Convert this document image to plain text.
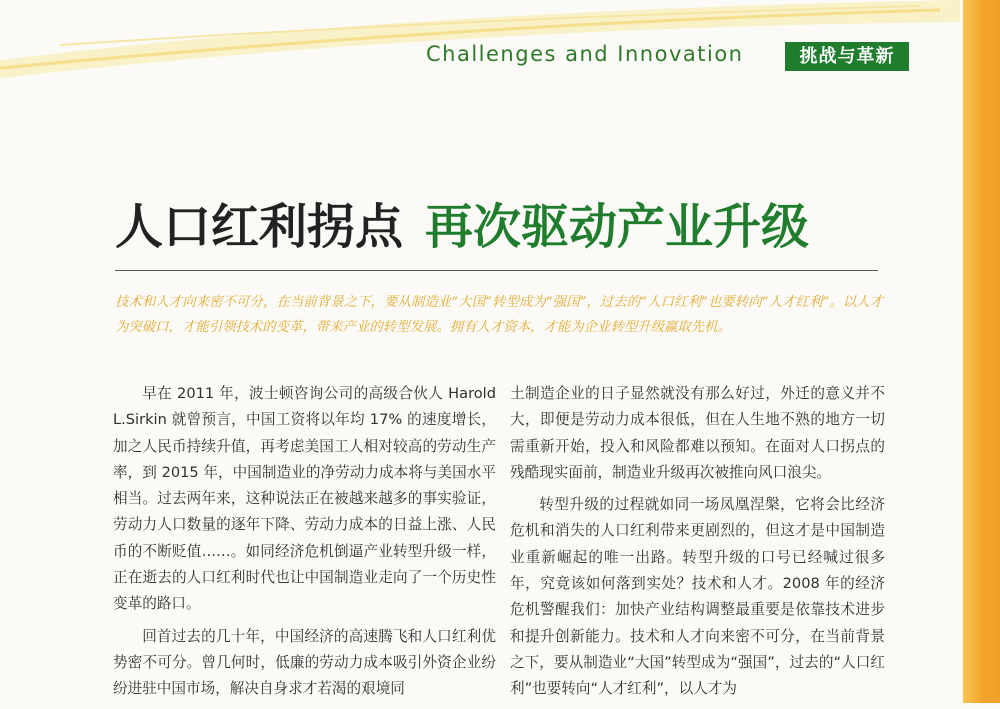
Challenges and Innovation	挑战与革新
人口红利拐点 再次驱动产业升级
技术和人才向来密不可分，在当前背景之下，要从制造业“大国”转型成为“强国”，过去的“人口红利”也要转向“人才红利”。以人才为突破口，才能引领技术的变革，带来产业的转型发展。拥有人才资本，才能为企业转型升级赢取先机。

早在 2011 年，波士顿咨询公司的高级合伙人 Harold L.Sirkin 就曾预言，中国工资将以年均 17% 的速度增长，加之人民币持续升值，再考虑美国工人相对较高的劳动生产率，到 2015 年，中国制造业的净劳动力成本将与美国水平相当。过去两年来，这种说法正在被越来越多的事实验证，劳动力人口数量的逐年下降、劳动力成本的日益上涨、人民币的不断贬值……。如同经济危机倒逼产业转型升级一样，正在逝去的人口红利时代也让中国制造业走向了一个历史性变革的路口。

回首过去的几十年，中国经济的高速腾飞和人口红利优势密不可分。曾几何时，低廉的劳动力成本吸引外资企业纷纷进驻中国市场，解决自身求才若渴的艰境同

土制造企业的日子显然就没有那么好过，外迁的意义并不大，即便是劳动力成本很低，但在人生地不熟的地方一切需重新开始，投入和风险都难以预知。在面对人口拐点的残酷现实面前，制造业升级再次被推向风口浪尖。

转型升级的过程就如同一场凤凰涅槃，它将会比经济危机和消失的人口红利带来更剧烈的，但这才是中国制造业重新崛起的唯一出路。转型升级的口号已经喊过很多年，究竟该如何落到实处？技术和人才。2008 年的经济危机警醒我们：加快产业结构调整最重要是依靠技术进步和提升创新能力。技术和人才向来密不可分，在当前背景之下，要从制造业“大国”转型成为“强国”，过去的“人口红利”也要转向“人才红利”，以人才为
